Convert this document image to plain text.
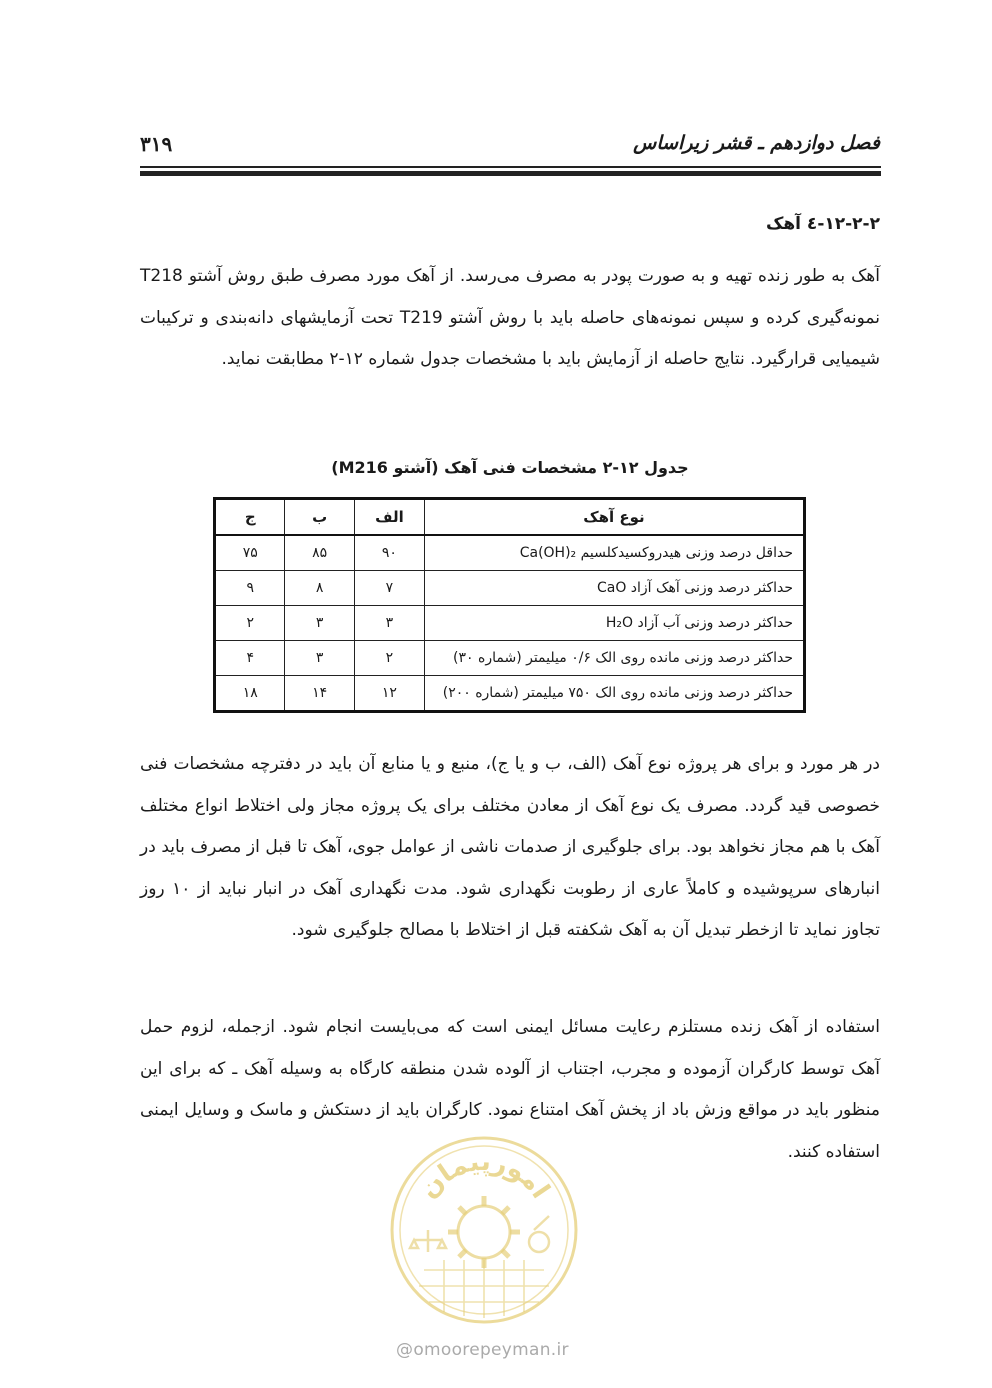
فصل دوازدهم ـ قشر زیراساس
۳۱۹
۱۲-۲-۲-٤ آهک
آهک به طور زنده تهیه و به صورت پودر به مصرف می‌رسد. از آهک مورد مصرف طبق روش آشتو T218 نمونه‌گیری کرده و سپس نمونه‌های حاصله باید با روش آشتو T219 تحت آزمایشهای دانه‌بندی و ترکیبات شیمیایی قرارگیرد. نتایج حاصله از آزمایش باید با مشخصات جدول شماره ۱۲-۲ مطابقت نماید.
جدول ۱۲-۲ مشخصات فنی آهک (آشتو M216)
نوع آهک	الف	ب	ج
حداقل درصد وزنی هیدروکسیدکلسیم Ca(OH)₂	۹۰	۸۵	۷۵
حداکثر درصد وزنی آهک آزاد CaO	۷	۸	۹
حداکثر درصد وزنی آب آزاد H₂O	۳	۳	۲
حداکثر درصد وزنی مانده روی الک ۰/۶ میلیمتر (شماره ۳۰)	۲	۳	۴
حداکثر درصد وزنی مانده روی الک ۷۵۰ میلیمتر (شماره ۲۰۰)	۱۲	۱۴	۱۸
در هر مورد و برای هر پروژه نوع آهک (الف، ب و یا ج)، منبع و یا منابع آن باید در دفترچه مشخصات فنی خصوصی قید گردد. مصرف یک نوع آهک از معادن مختلف برای یک پروژه مجاز ولی اختلاط انواع مختلف آهک با هم مجاز نخواهد بود. برای جلوگیری از صدمات ناشی از عوامل جوی، آهک تا قبل از مصرف باید در انبارهای سرپوشیده و کاملاً عاری از رطوبت نگهداری شود. مدت نگهداری آهک در انبار نباید از ۱۰ روز تجاوز نماید تا ازخطر تبدیل آن به آهک شکفته قبل از اختلاط با مصالح جلوگیری شود.
استفاده از آهک زنده مستلزم رعایت مسائل ایمنی است که می‌بایست انجام شود. ازجمله، لزوم حمل آهک توسط کارگران آزموده و مجرب، اجتناب از آلوده شدن منطقه کارگاه به وسیله آهک ـ که برای این منظور باید در مواقع وزش باد از پخش آهک امتناع نمود. کارگران باید از دستکش و ماسک و وسایل ایمنی استفاده کنند.
امورپیمان
@omoorepeyman.ir
